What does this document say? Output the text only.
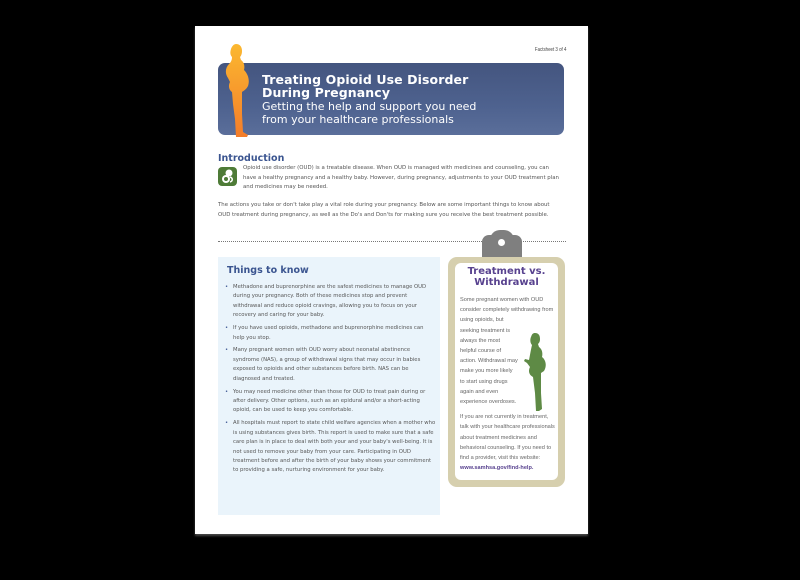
Factsheet 3 of 4
Treating Opioid Use Disorder
During Pregnancy
Getting the help and support you need
from your healthcare professionals
Introduction
Opioid use disorder (OUD) is a treatable disease. When OUD is managed with medicines and counseling, you can have a healthy pregnancy and a healthy baby. However, during pregnancy, adjustments to your OUD treatment plan and medicines may be needed.
The actions you take or don't take play a vital role during your pregnancy. Below are some important things to know about OUD treatment during pregnancy, as well as the Do's and Don'ts for making sure you receive the best treatment possible.
Things to know
• Methadone and buprenorphine are the safest medicines to manage OUD during your pregnancy. Both of these medicines stop and prevent withdrawal and reduce opioid cravings, allowing you to focus on your recovery and caring for your baby.
• If you have used opioids, methadone and buprenorphine medicines can help you stop.
• Many pregnant women with OUD worry about neonatal abstinence syndrome (NAS), a group of withdrawal signs that may occur in babies exposed to opioids and other substances before birth. NAS can be diagnosed and treated.
• You may need medicine other than those for OUD to treat pain during or after delivery. Other options, such as an epidural and/or a short-acting opioid, can be used to keep you comfortable.
• All hospitals must report to state child welfare agencies when a mother who is using substances gives birth. This report is used to make sure that a safe care plan is in place to deal with both your and your baby's well-being. It is not used to remove your baby from your care. Participating in OUD treatment before and after the birth of your baby shows your commitment to providing a safe, nurturing environment for your baby.
Treatment vs.
Withdrawal

Some pregnant women with OUD consider completely withdrawing from using opioids, but seeking treatment is always the most helpful course of action. Withdrawal may make you more likely to start using drugs again and even experience overdoses.

If you are not currently in treatment, talk with your healthcare professionals about treatment medicines and behavioral counseling. If you need to find a provider, visit this website: www.samhsa.gov/find-help.
